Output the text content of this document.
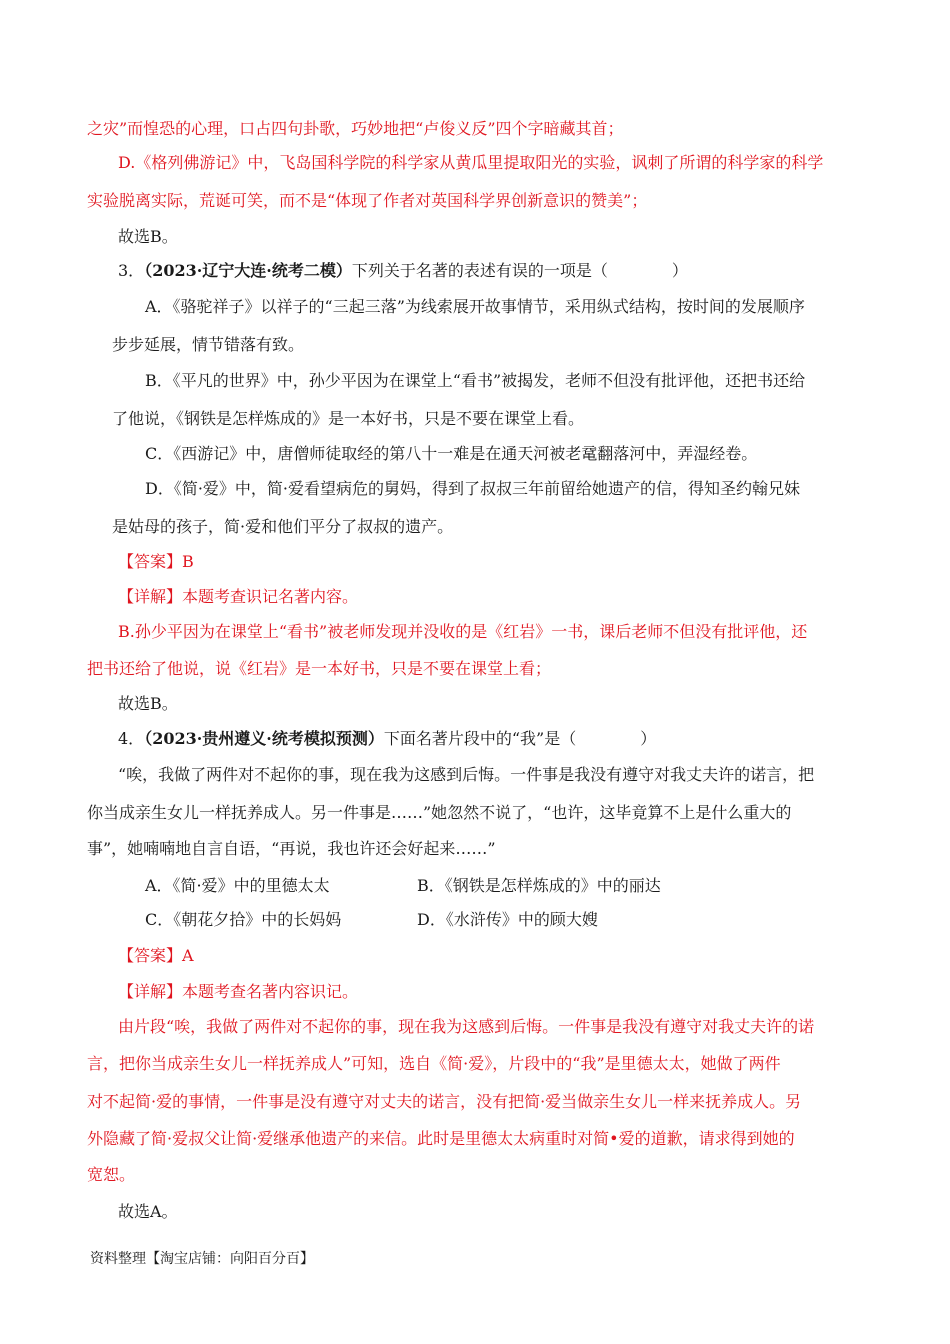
之灾”而惶恐的心理，口占四句卦歌，巧妙地把“卢俊义反”四个字暗藏其首；
D.《格列佛游记》中，飞岛国科学院的科学家从黄瓜里提取阳光的实验，讽刺了所谓的科学家的科学
实验脱离实际，荒诞可笑，而不是“体现了作者对英国科学界创新意识的赞美”；
故选B。
3．（2023·辽宁大连·统考二模）下列关于名著的表述有误的一项是（　　　　）
A．《骆驼祥子》以祥子的“三起三落”为线索展开故事情节，采用纵式结构，按时间的发展顺序
步步延展，情节错落有致。
B．《平凡的世界》中，孙少平因为在课堂上“看书”被揭发，老师不但没有批评他，还把书还给
了他说，《钢铁是怎样炼成的》是一本好书，只是不要在课堂上看。
C．《西游记》中，唐僧师徒取经的第八十一难是在通天河被老鼋翻落河中，弄湿经卷。
D．《简·爱》中，简·爱看望病危的舅妈，得到了叔叔三年前留给她遗产的信，得知圣约翰兄妹
是姑母的孩子，简·爱和他们平分了叔叔的遗产。
【答案】B
【详解】本题考查识记名著内容。
B.孙少平因为在课堂上“看书”被老师发现并没收的是《红岩》一书，课后老师不但没有批评他，还
把书还给了他说，说《红岩》是一本好书，只是不要在课堂上看；
故选B。
4．（2023·贵州遵义·统考模拟预测）下面名著片段中的“我”是（　　　　）
“唉，我做了两件对不起你的事，现在我为这感到后悔。一件事是我没有遵守对我丈夫许的诺言，把
你当成亲生女儿一样抚养成人。另一件事是……”她忽然不说了，“也许，这毕竟算不上是什么重大的
事”，她喃喃地自言自语，“再说，我也许还会好起来……”
A．《简·爱》中的里德太太	B．《钢铁是怎样炼成的》中的丽达
C．《朝花夕拾》中的长妈妈	D．《水浒传》中的顾大嫂
【答案】A
【详解】本题考查名著内容识记。
由片段“唉，我做了两件对不起你的事，现在我为这感到后悔。一件事是我没有遵守对我丈夫许的诺
言，把你当成亲生女儿一样抚养成人”可知，选自《简·爱》，片段中的“我”是里德太太，她做了两件
对不起简·爱的事情，一件事是没有遵守对丈夫的诺言，没有把简·爱当做亲生女儿一样来抚养成人。另
外隐藏了简·爱叔父让简·爱继承他遗产的来信。此时是里德太太病重时对简•爱的道歉，请求得到她的
宽恕。
故选A。
资料整理【淘宝店铺：向阳百分百】
